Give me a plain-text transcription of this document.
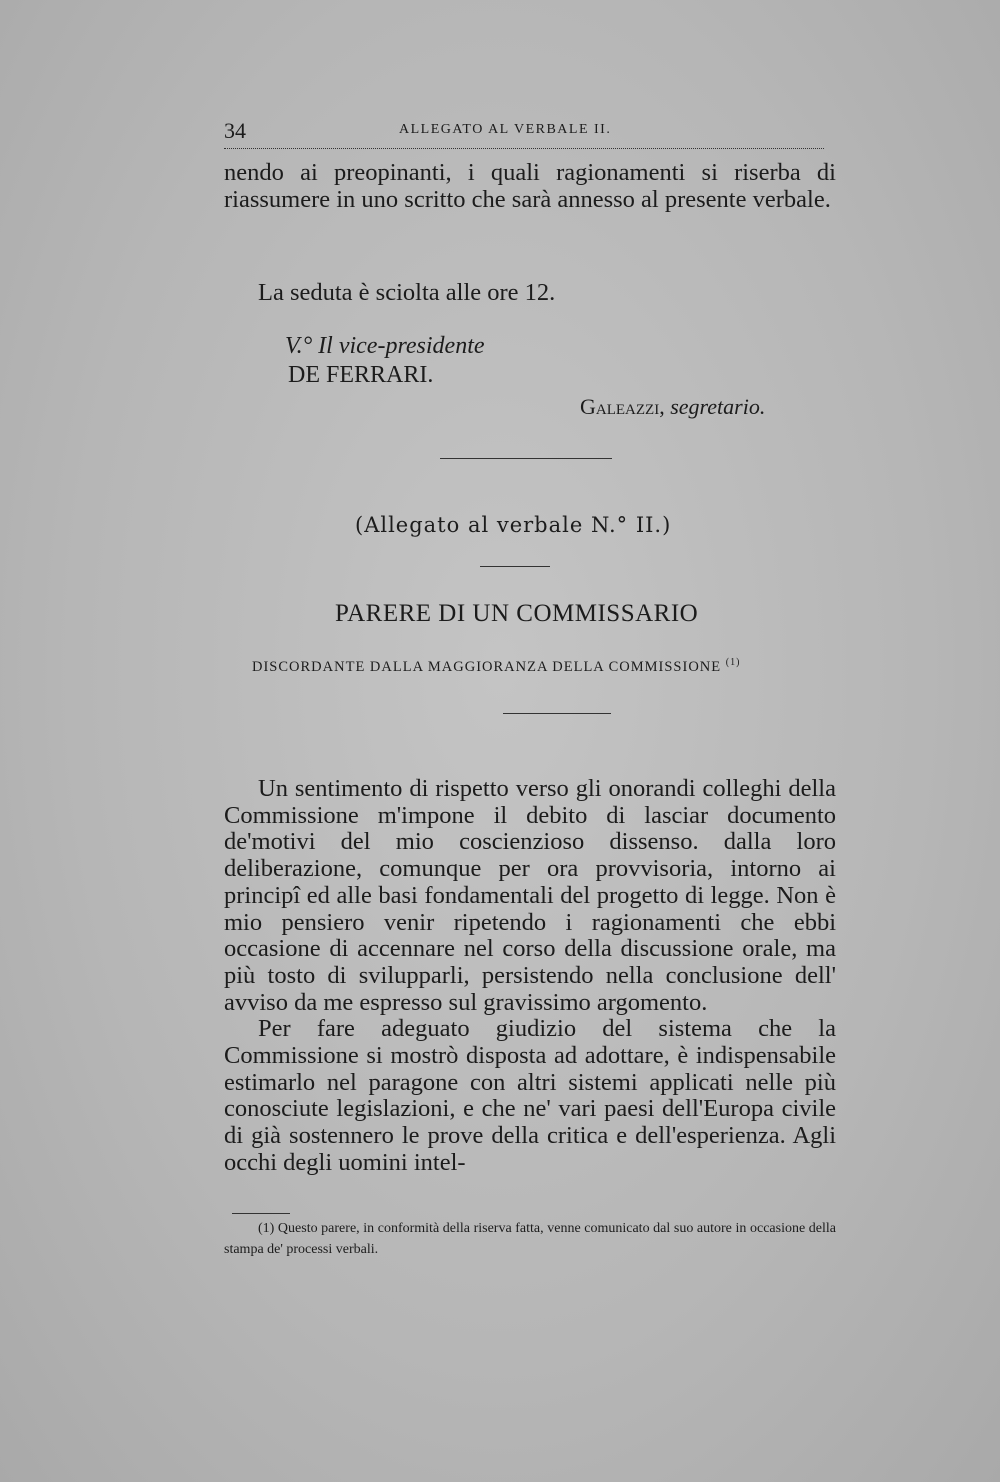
34	ALLEGATO AL VERBALE II.

nendo ai preopinanti, i quali ragionamenti si riserba di riassumere in uno scritto che sarà annesso al presente verbale.

La seduta è sciolta alle ore 12.

V.° Il vice-presidente
DE FERRARI.
Galeazzi, segretario.
(Allegato al verbale N.° II.)
PARERE DI UN COMMISSARIO
DISCORDANTE DALLA MAGGIORANZA DELLA COMMISSIONE $^{(1)}$

Un sentimento di rispetto verso gli onorandi colleghi della Commissione m'impone il debito di lasciar documento de'motivi del mio coscienzioso dissenso. dalla loro deliberazione, comunque per ora provvisoria, intorno ai principî ed alle basi fondamentali del progetto di legge. Non è mio pensiero venir ripetendo i ragionamenti che ebbi occasione di accennare nel corso della discussione orale, ma più tosto di svilupparli, persistendo nella conclusione dell' avviso da me espresso sul gravissimo argomento.

Per fare adeguato giudizio del sistema che la Commissione si mostrò disposta ad adottare, è indispensabile estimarlo nel paragone con altri sistemi applicati nelle più conosciute legislazioni, e che ne' vari paesi dell'Europa civile di già sostennero le prove della critica e dell'esperienza. Agli occhi degli uomini intel-

(1) Questo parere, in conformità della riserva fatta, venne comunicato dal suo autore in occasione della stampa de' processi verbali.
